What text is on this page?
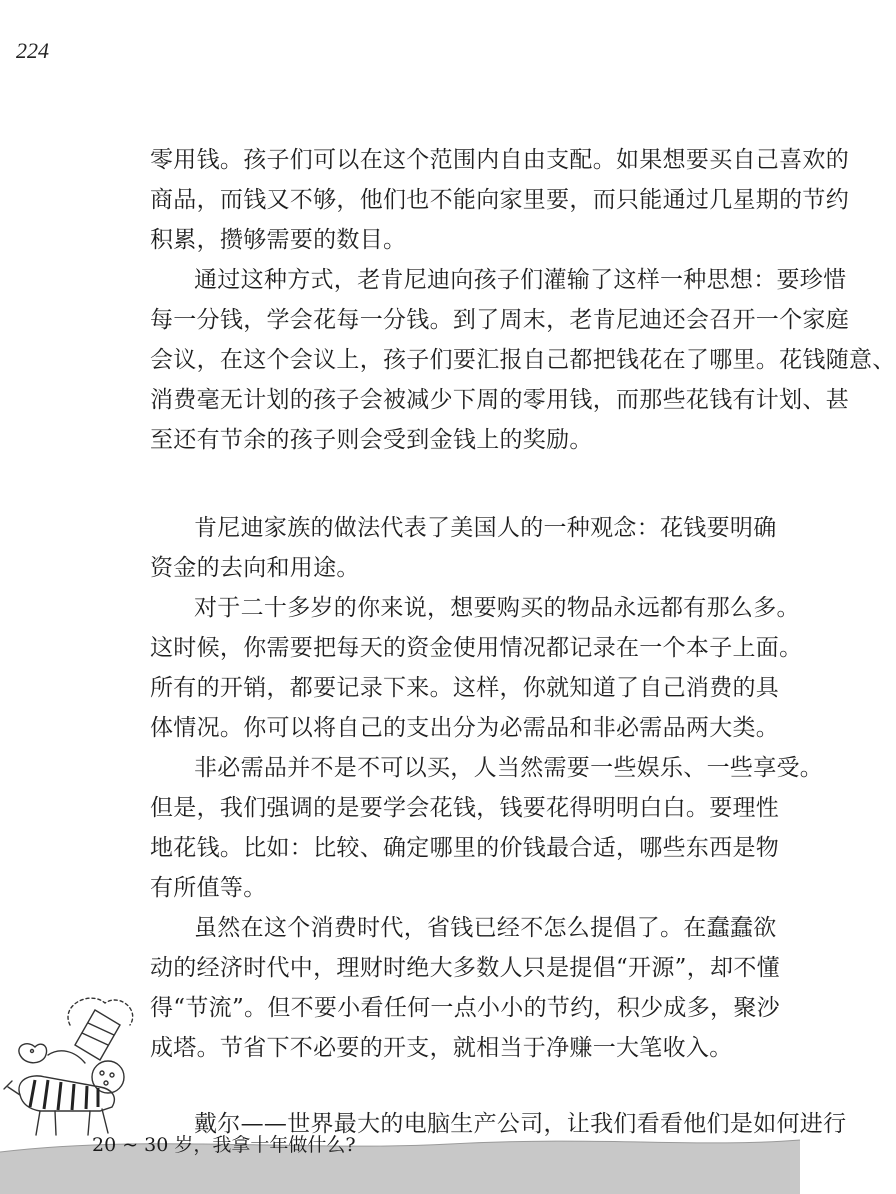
224
零用钱。孩子们可以在这个范围内自由支配。如果想要买自己喜欢的
商品，而钱又不够，他们也不能向家里要，而只能通过几星期的节约
积累，攒够需要的数目。
通过这种方式，老肯尼迪向孩子们灌输了这样一种思想：要珍惜
每一分钱，学会花每一分钱。到了周末，老肯尼迪还会召开一个家庭
会议，在这个会议上，孩子们要汇报自己都把钱花在了哪里。花钱随意、
消费毫无计划的孩子会被减少下周的零用钱，而那些花钱有计划、甚
至还有节余的孩子则会受到金钱上的奖励。
肯尼迪家族的做法代表了美国人的一种观念：花钱要明确
资金的去向和用途。
对于二十多岁的你来说，想要购买的物品永远都有那么多。
这时候，你需要把每天的资金使用情况都记录在一个本子上面。
所有的开销，都要记录下来。这样，你就知道了自己消费的具
体情况。你可以将自己的支出分为必需品和非必需品两大类。
非必需品并不是不可以买，人当然需要一些娱乐、一些享受。
但是，我们强调的是要学会花钱，钱要花得明明白白。要理性
地花钱。比如：比较、确定哪里的价钱最合适，哪些东西是物
有所值等。
虽然在这个消费时代，省钱已经不怎么提倡了。在蠢蠢欲
动的经济时代中，理财时绝大多数人只是提倡“开源”，却不懂
得“节流”。但不要小看任何一点小小的节约，积少成多，聚沙
成塔。节省下不必要的开支，就相当于净赚一大笔收入。
戴尔——世界最大的电脑生产公司，让我们看看他们是如何进行
20 ~ 30 岁，我拿十年做什么?
